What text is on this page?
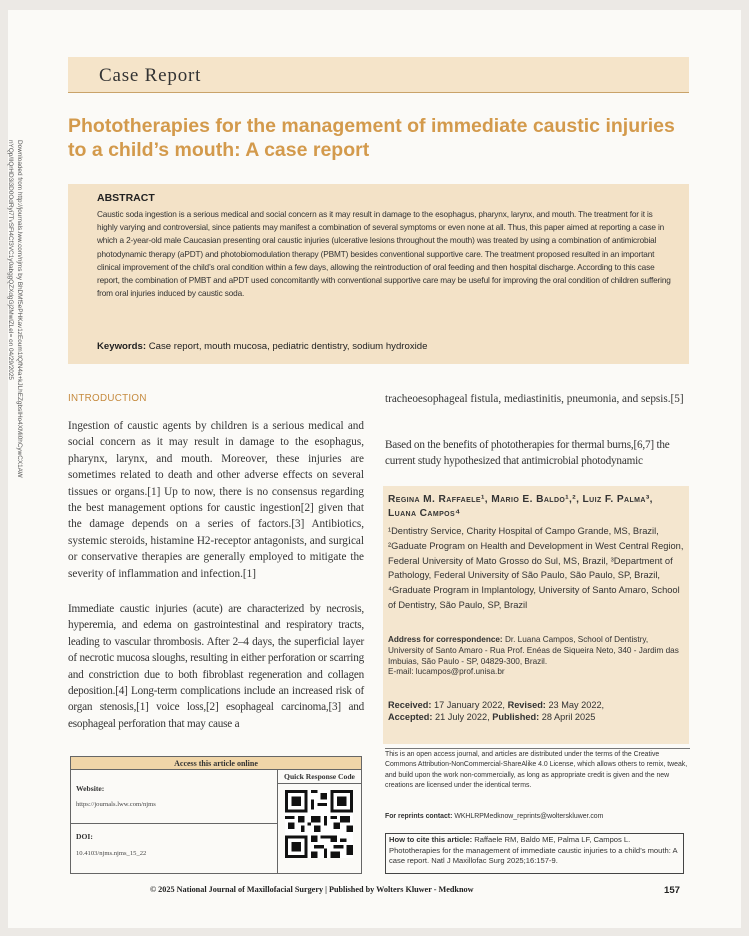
Downloaded from http://journals.lww.com/njms by BhDMf5ePHKav1zEoum1tQfN4a+kJLhEZgbsIHo4XMi0hCywCX1AW
nYQp/IlQrHD3i3D0OdRyi7TvSFl4Cf3VC1y0abggQZXdgGj2MwlZLeI= on 04/29/2025
Case Report
Phototherapies for the management of immediate caustic injuries to a child’s mouth: A case report
ABSTRACT

Caustic soda ingestion is a serious medical and social concern as it may result in damage to the esophagus, pharynx, larynx, and mouth. The treatment for it is highly varying and controversial, since patients may manifest a combination of several symptoms or even none at all. Thus, this paper aimed at reporting a case in which a 2-year-old male Caucasian presenting oral caustic injuries (ulcerative lesions throughout the mouth) was treated by using a combination of antimicrobial photodynamic therapy (aPDT) and photobiomodulation therapy (PBMT) besides conventional supportive care. The treatment proposed resulted in an important clinical improvement of the child’s oral condition within a few days, allowing the reintroduction of oral feeding and then hospital discharge. According to this case report, the combination of PMBT and aPDT used concomitantly with conventional supportive care may be useful for improving the oral condition of children suffering from oral injuries induced by caustic soda.

Keywords: Case report, mouth mucosa, pediatric dentistry, sodium hydroxide
INTRODUCTION

Ingestion of caustic agents by children is a serious medical and social concern as it may result in damage to the esophagus, pharynx, larynx, and mouth. Moreover, these injuries are sometimes related to death and other adverse effects on several tissues or organs.[1] Up to now, there is no consensus regarding the best management options for caustic ingestion[2] given that the damage depends on a series of factors.[3] Antibiotics, systemic steroids, histamine H2-receptor antagonists, and surgical or conservative therapies are generally employed to mitigate the severity of inflammation and infection.[1]

Immediate caustic injuries (acute) are characterized by necrosis, hyperemia, and edema on gastrointestinal and respiratory tracts, leading to vascular thrombosis. After 2–4 days, the superficial layer of necrotic mucosa sloughs, resulting in either perforation or scarring and constriction due to both fibroblast regeneration and collagen deposition.[4] Long-term complications include an increased risk of organ stenosis,[1] voice loss,[2] esophageal carcinoma,[3] and esophageal perforation that may cause a

tracheoesophageal fistula, mediastinitis, pneumonia, and sepsis.[5]

Based on the benefits of phototherapies for thermal burns,[6,7] the current study hypothesized that antimicrobial photodynamic

Regina M. Raffaele¹, Mario E. Baldo¹,², Luiz F. Palma³, Luana Campos⁴
¹Dentistry Service, Charity Hospital of Campo Grande, MS, Brazil, ²Gaduate Program on Health and Development in West Central Region, Federal University of Mato Grosso do Sul, MS, Brazil, ³Department of Pathology, Federal University of São Paulo, São Paulo, SP, Brazil, ⁴Graduate Program in Implantology, University of Santo Amaro, School of Dentistry, São Paulo, SP, Brazil
Address for correspondence: Dr. Luana Campos, School of Dentistry, University of Santo Amaro - Rua Prof. Enéas de Siqueira Neto, 340 - Jardim das Imbuias, São Paulo - SP, 04829-300, Brazil.
E-mail: lucampos@prof.unisa.br
Received: 17 January 2022, Revised: 23 May 2022,
Accepted: 21 July 2022, Published: 28 April 2025

This is an open access journal, and articles are distributed under the terms of the Creative Commons Attribution-NonCommercial-ShareAlike 4.0 License, which allows others to remix, tweak, and build upon the work non-commercially, as long as appropriate credit is given and the new creations are licensed under the identical terms.

For reprints contact: WKHLRPMedknow_reprints@wolterskluwer.com
How to cite this article: Raffaele RM, Baldo ME, Palma LF, Campos L. Phototherapies for the management of immediate caustic injuries to a child’s mouth: A case report. Natl J Maxillofac Surg 2025;16:157-9.
Access this article online
Quick Response Code
Website:
https://journals.lww.com/njms
DOI:
10.4103/njms.njms_15_22
© 2025 National Journal of Maxillofacial Surgery | Published by Wolters Kluwer - Medknow	157
